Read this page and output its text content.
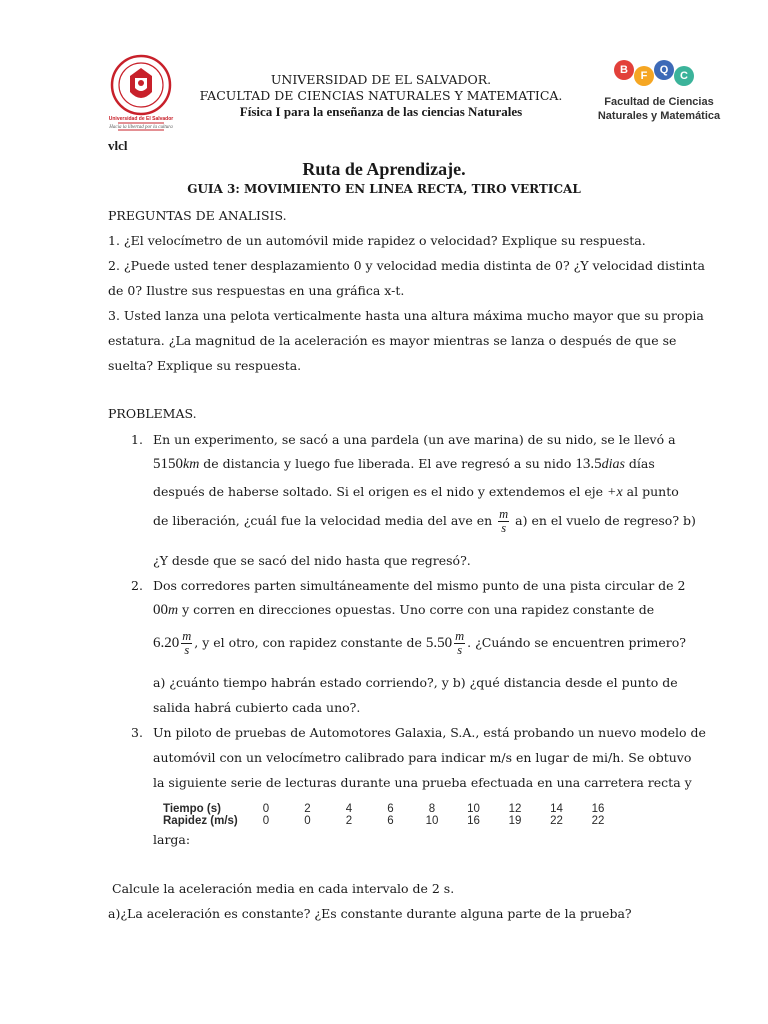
Universidad de El Salvador
Hacia la libertad por la cultura
UNIVERSIDAD DE EL SALVADOR.
FACULTAD DE CIENCIAS NATURALES Y MATEMATICA.
Física I para la enseñanza de las ciencias Naturales
B	F	Q	C
Facultad de Ciencias
Naturales y Matemática
vlcl
Ruta de Aprendizaje.
GUIA 3: MOVIMIENTO EN LINEA RECTA, TIRO VERTICAL
PREGUNTAS DE ANALISIS.
1. ¿El velocímetro de un automóvil mide rapidez o velocidad? Explique su respuesta.
2. ¿Puede usted tener desplazamiento 0 y velocidad media distinta de 0? ¿Y velocidad distinta
de 0? Ilustre sus respuestas en una gráfica x-t.
3. Usted lanza una pelota verticalmente hasta una altura máxima mucho mayor que su propia
estatura. ¿La magnitud de la aceleración es mayor mientras se lanza o después de que se
suelta? Explique su respuesta.
PROBLEMAS.
1. En un experimento, se sacó a una pardela (un ave marina) de su nido, se le llevó a
5150km de distancia y luego fue liberada. El ave regresó a su nido 13.5dias días
después de haberse soltado. Si el origen es el nido y extendemos el eje +x al punto
de liberación, ¿cuál fue la velocidad media del ave en $\frac{m}{s} a$) en el vuelo de regreso? b)
¿Y desde que se sacó del nido hasta que regresó?.
2. Dos corredores parten simultáneamente del mismo punto de una pista circular de 2
00m y corren en direcciones opuestas. Uno corre con una rapidez constante de
$6.20 \frac{m}{s}$ , y el otro, con rapidez constante de $5.50 \frac{m}{s}$ . ¿Cuándo se encuentren primero?
a) ¿cuánto tiempo habrán estado corriendo?, y b) ¿qué distancia desde el punto de
salida habrá cubierto cada uno?.
3. Un piloto de pruebas de Automotores Galaxia, S.A., está probando un nuevo modelo de
automóvil con un velocímetro calibrado para indicar m/s en lugar de mi/h. Se obtuvo
la siguiente serie de lecturas durante una prueba efectuada en una carretera recta y
Tiempo (s)	0	2	4	6	8	10	12	14	16
Rapidez (m/s)	0	0	2	6	10	16	19	22	22
larga:
Calcule la aceleración media en cada intervalo de 2 s.
a)¿La aceleración es constante? ¿Es constante durante alguna parte de la prueba?
